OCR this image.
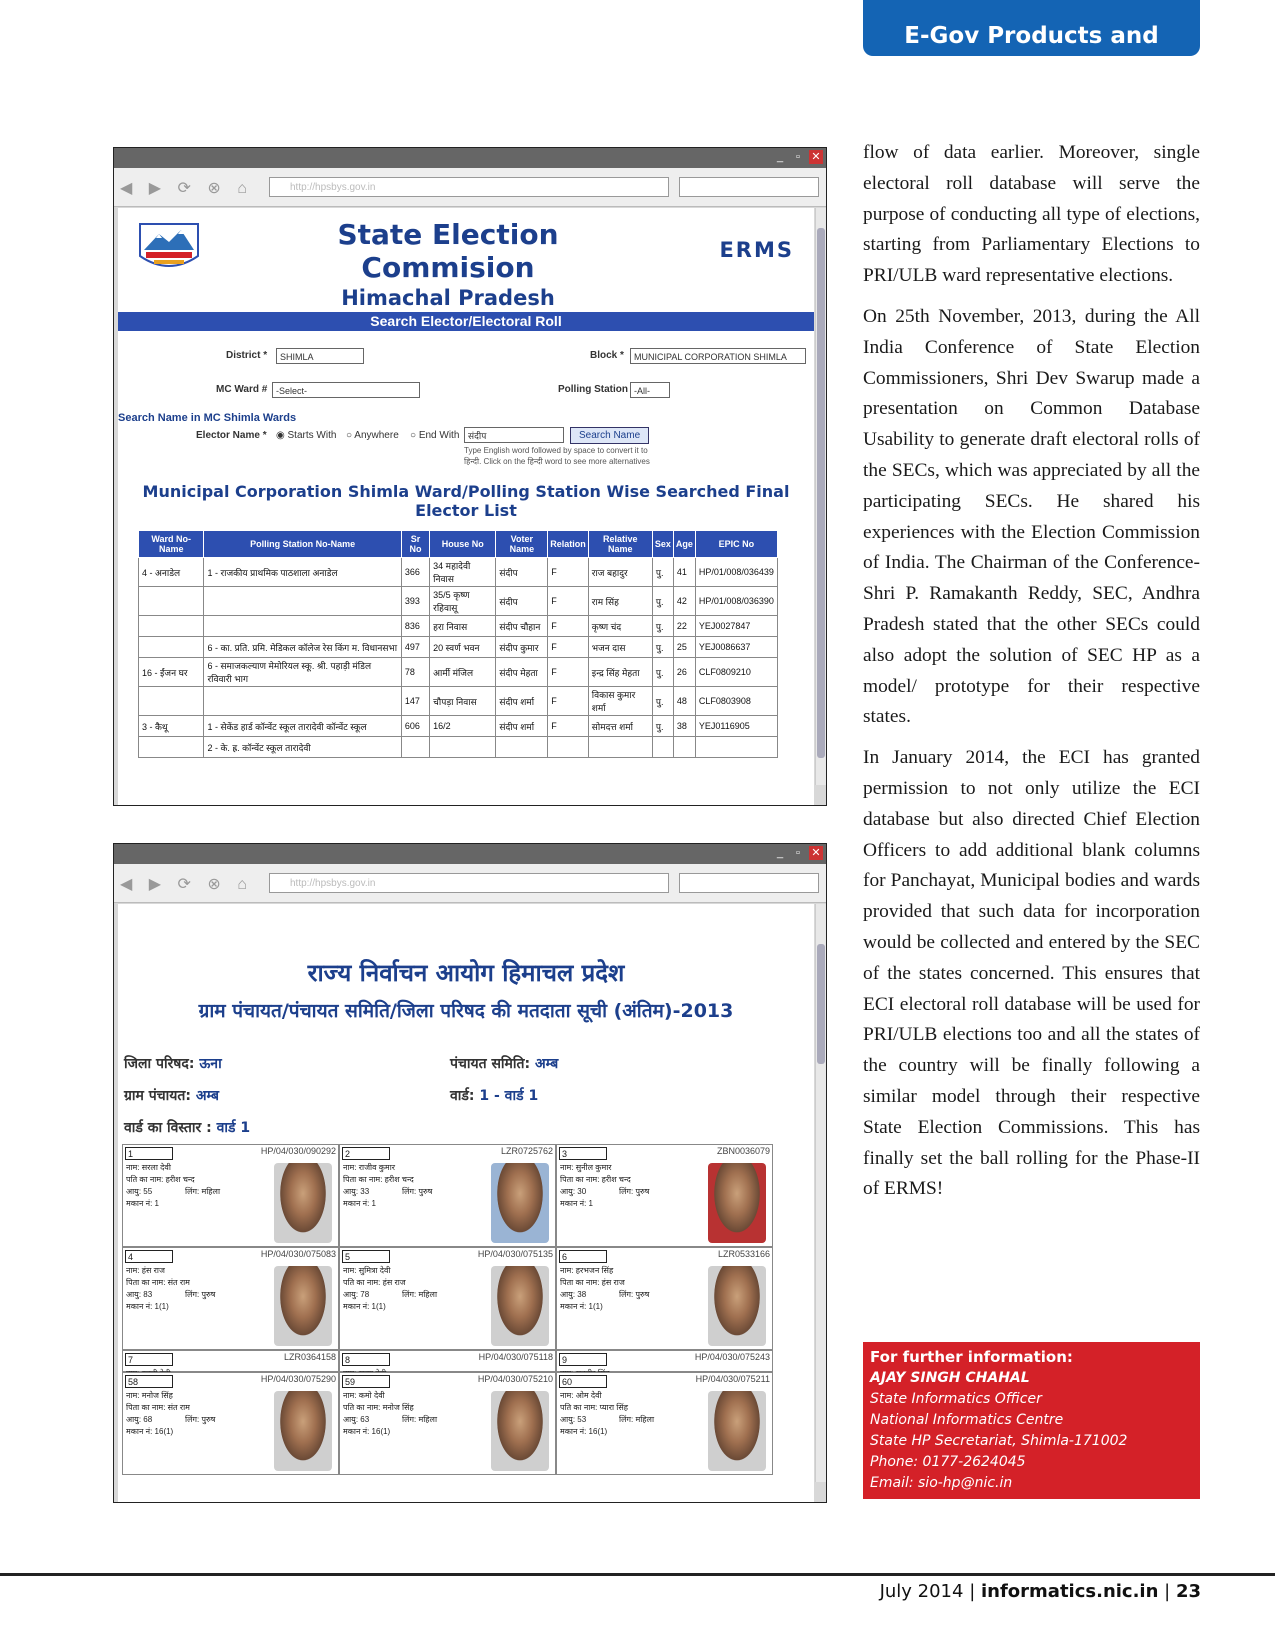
E-Gov Products and Services
_	▫	✕
◀ ▶ ⟳ ⊗ ⌂	http://hpsbys.gov.in
State Election Commision
Himachal Pradesh
ERMS
Search Elector/Electoral Roll
District *	SHIMLA	Block *	MUNICIPAL CORPORATION SHIMLA
MC Ward # -Select-	Polling Station -All-
Search Name in MC Shimla Wards
Elector Name * ◉ Starts With ○ Anywhere ○ End With संदीप	Search Name
Type English word followed by space to convert it to
हिन्दी. Click on the हिन्दी word to see more alternatives
Municipal Corporation Shimla Ward/Polling Station Wise Searched Final Elector List
Ward No-Name	Polling Station No-Name	Sr No	House No	Voter Name	Relation	Relative Name	Sex	Age	EPIC No
4 - अनाडेल	1 - राजकीय प्राथमिक पाठशाला अनाडेल	366	34 महादेवी निवास	संदीप	F	राज बहादुर	पु.	41	HP/01/008/036439
		393	35/5 कृष्ण रहिवासू	संदीप	F	राम सिंह	पु.	42	HP/01/008/036390
		836	हरा निवास	संदीप चौहान	F	कृष्ण चंद	पु.	22	YEJ0027847
	6 - का. प्रति. प्रमि. मेडिकल कॉलेज रेस किंग म. विधानसभा	497	20 स्वर्ण भवन	संदीप कुमार	F	भजन दास	पु.	25	YEJ0086637
16 - ईंजन घर	6 - समाजकल्याण मेमोरियल स्कू. श्री. पहाड़ी मंडिल रविवारी भाग	78	आर्मी मंजिल	संदीप मेहता	F	इन्द्र सिंह मेहता	पु.	26	CLF0809210
		147	चौपड़ा निवास	संदीप शर्मा	F	विकास कुमार शर्मा	पु.	48	CLF0803908
3 - कैथू	1 - सेकेंड हार्ड कॉन्वेंट स्कूल तारादेवी कॉन्वेंट स्कूल	606	16/2	संदीप शर्मा	F	सोमदत्त शर्मा	पु.	38	YEJ0116905
	2 - के. ह्र. कॉन्वेंट स्कूल तारादेवी								
_	▫	✕
◀ ▶ ⟳ ⊗ ⌂	http://hpsbys.gov.in
राज्य निर्वाचन आयोग हिमाचल प्रदेश
ग्राम पंचायत/पंचायत समिति/जिला परिषद की मतदाता सूची (अंतिम)-2013
जिला परिषद: ऊना	पंचायत समिति: अम्ब
ग्राम पंचायत: अम्ब	वार्ड: 1 - वार्ड 1
वार्ड का विस्तार : वार्ड 1
1	HP/04/030/090292
नाम: सरला देवी
पति का नाम: हरीश चन्द
आयु: 55	लिंग: महिला
मकान नं: 1
2	LZR0725762
नाम: राजीव कुमार
पिता का नाम: हरीश चन्द
आयु: 33	लिंग: पुरुष
मकान नं: 1
3	ZBN0036079
नाम: सुनील कुमार
पिता का नाम: हरीश चन्द
आयु: 30	लिंग: पुरुष
मकान नं: 1
4	HP/04/030/075083
नाम: हंस राज
पिता का नाम: संत राम
आयु: 83	लिंग: पुरुष
मकान नं: 1(1)
5	HP/04/030/075135
नाम: सुमित्रा देवी
पति का नाम: हंस राज
आयु: 78	लिंग: महिला
मकान नं: 1(1)
6	LZR0533166
नाम: हरभजन सिंह
पिता का नाम: हंस राज
आयु: 38	लिंग: पुरुष
मकान नं: 1(1)
7	LZR0364158	8	HP/04/030/075118	9	HP/04/030/075243
58	HP/04/030/075290
नाम: मनोज सिंह
पिता का नाम: संत राम
आयु: 68	लिंग: पुरुष
मकान नं: 16(1)
59	HP/04/030/075210
नाम: कमो देवी
पति का नाम: मनोज सिंह
आयु: 63	लिंग: महिला
मकान नं: 16(1)
60	HP/04/030/075211
नाम: ओम देवी
पति का नाम: प्यारा सिंह
आयु: 53	लिंग: महिला
मकान नं: 16(1)

flow of data earlier. Moreover, single electoral roll database will serve the purpose of conducting all type of elections, starting from Parliamentary Elections to PRI/ULB ward representative elections.

On 25th November, 2013, during the All India Conference of State Election Commissioners, Shri Dev Swarup made a presentation on Common Database Usability to generate draft electoral rolls of the SECs, which was appreciated by all the participating SECs. He shared his experiences with the Election Commission of India. The Chairman of the Conference- Shri P. Ramakanth Reddy, SEC, Andhra Pradesh stated that the other SECs could also adopt the solution of SEC HP as a model/ prototype for their respective states.

In January 2014, the ECI has granted permission to not only utilize the ECI database but also directed Chief Election Officers to add additional blank columns for Panchayat, Municipal bodies and wards provided that such data for incorporation would be collected and entered by the SEC of the states concerned. This ensures that ECI electoral roll database will be used for PRI/ULB elections too and all the states of the country will be finally following a similar model through their respective State Election Commissions. This has finally set the ball rolling for the Phase-II of ERMS!

For further information:
AJAY SINGH CHAHAL
State Informatics Officer
National Informatics Centre
State HP Secretariat, Shimla-171002
Phone: 0177-2624045
Email: sio-hp@nic.in
July 2014 | informatics.nic.in | 23
